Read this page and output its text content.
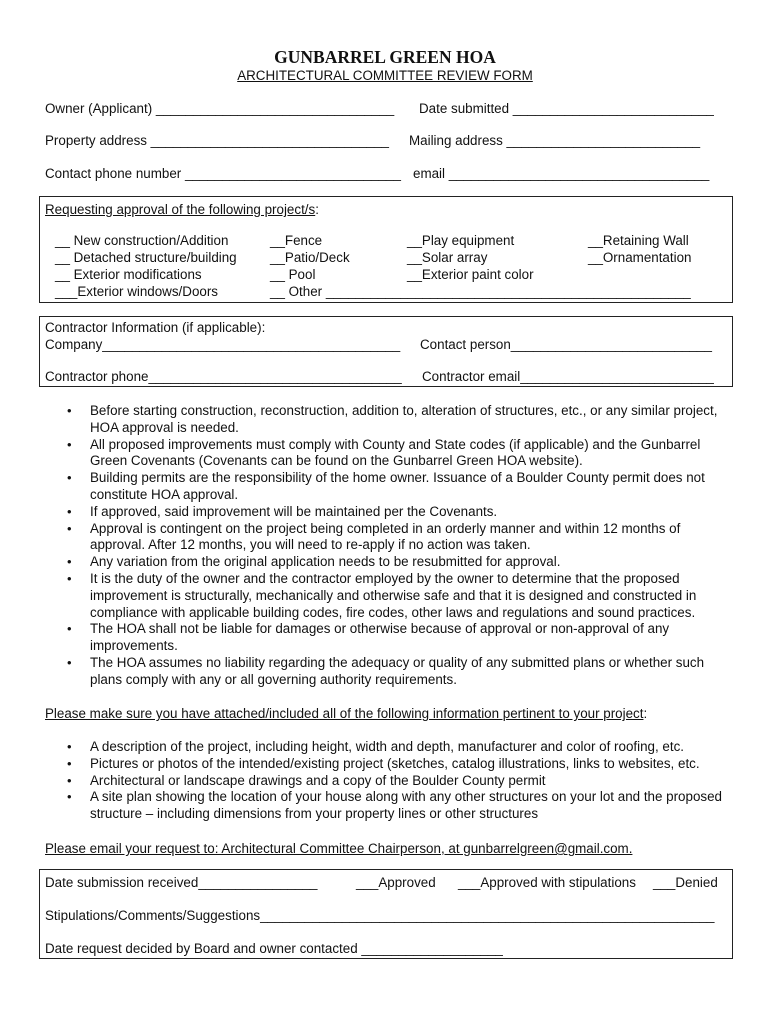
GUNBARREL GREEN HOA
ARCHITECTURAL COMMITTEE REVIEW FORM
Owner (Applicant) ________________________________ Date submitted ___________________________
Property address ________________________________ Mailing address __________________________
Contact phone number _____________________________ email ___________________________________
Requesting approval of the following project/s:
__ New construction/Addition
__ Detached structure/building
__ Exterior modifications
___Exterior windows/Doors
__Fence
__Patio/Deck
__ Pool
__ Other _________________________________________________
__Play equipment
__Solar array
__Exterior paint color
__Retaining Wall
__Ornamentation
Contractor Information (if applicable):
Company________________________________________ Contact person___________________________
Contractor phone__________________________________ Contractor email__________________________
• Before starting construction, reconstruction, addition to, alteration of structures, etc., or any similar project, HOA approval is needed.
• All proposed improvements must comply with County and State codes (if applicable) and the Gunbarrel Green Covenants (Covenants can be found on the Gunbarrel Green HOA website).
• Building permits are the responsibility of the home owner. Issuance of a Boulder County permit does not constitute HOA approval.
• If approved, said improvement will be maintained per the Covenants.
• Approval is contingent on the project being completed in an orderly manner and within 12 months of approval. After 12 months, you will need to re-apply if no action was taken.
• Any variation from the original application needs to be resubmitted for approval.
• It is the duty of the owner and the contractor employed by the owner to determine that the proposed improvement is structurally, mechanically and otherwise safe and that it is designed and constructed in compliance with applicable building codes, fire codes, other laws and regulations and sound practices.
• The HOA shall not be liable for damages or otherwise because of approval or non-approval of any improvements.
• The HOA assumes no liability regarding the adequacy or quality of any submitted plans or whether such plans comply with any or all governing authority requirements.
Please make sure you have attached/included all of the following information pertinent to your project:
• A description of the project, including height, width and depth, manufacturer and color of roofing, etc.
• Pictures or photos of the intended/existing project (sketches, catalog illustrations, links to websites, etc.
• Architectural or landscape drawings and a copy of the Boulder County permit
• A site plan showing the location of your house along with any other structures on your lot and the proposed structure – including dimensions from your property lines or other structures
Please email your request to: Architectural Committee Chairperson, at gunbarrelgreen@gmail.com.
Date submission received________________	___Approved ___Approved with stipulations ___Denied
Stipulations/Comments/Suggestions_____________________________________________________________
Date request decided by Board and owner contacted ___________________
